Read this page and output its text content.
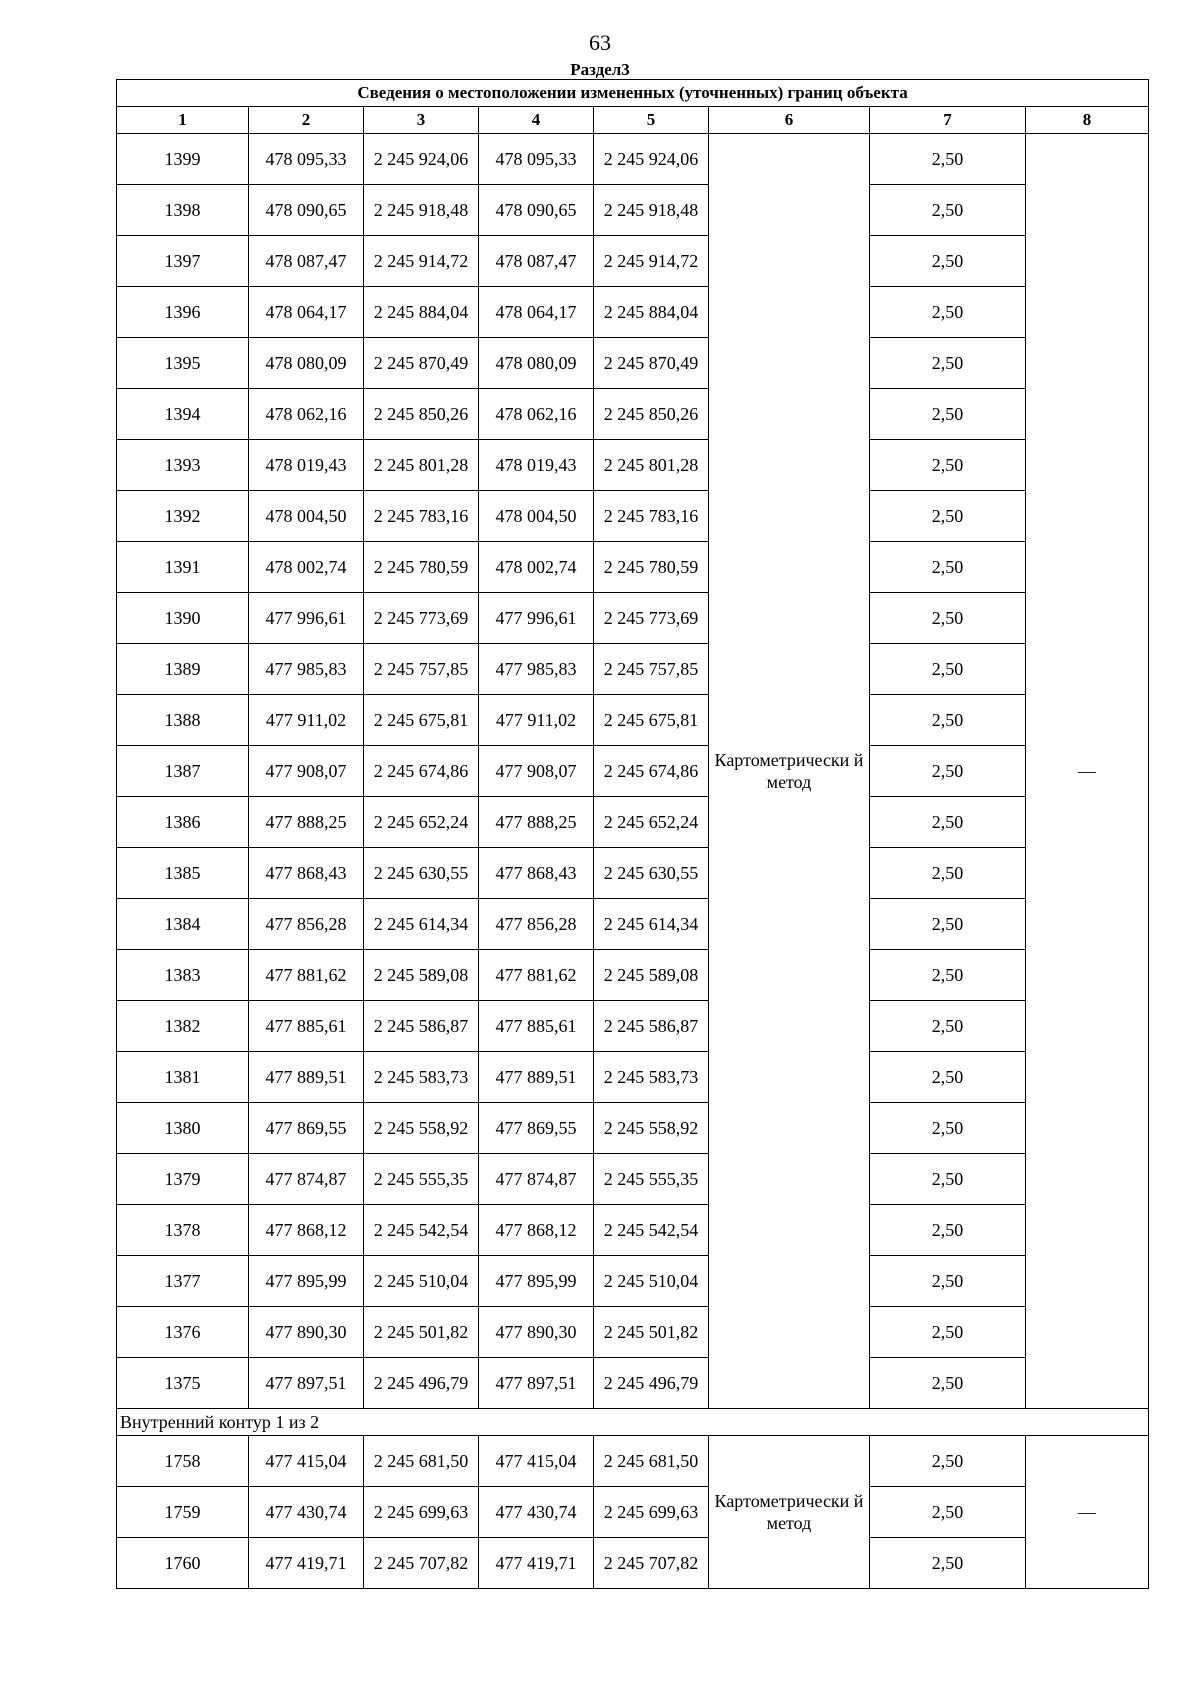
63
Раздел3
Сведения о местоположении измененных (уточненных) границ объекта							
1	2	3	4	5	6	7	8
1399	478 095,33	2 245 924,06	478 095,33	2 245 924,06	Картометрически й метод	2,50	—
1398	478 090,65	2 245 918,48	478 090,65	2 245 918,48		2,50	
1397	478 087,47	2 245 914,72	478 087,47	2 245 914,72		2,50	
1396	478 064,17	2 245 884,04	478 064,17	2 245 884,04		2,50	
1395	478 080,09	2 245 870,49	478 080,09	2 245 870,49		2,50	
1394	478 062,16	2 245 850,26	478 062,16	2 245 850,26		2,50	
1393	478 019,43	2 245 801,28	478 019,43	2 245 801,28		2,50	
1392	478 004,50	2 245 783,16	478 004,50	2 245 783,16		2,50	
1391	478 002,74	2 245 780,59	478 002,74	2 245 780,59		2,50	
1390	477 996,61	2 245 773,69	477 996,61	2 245 773,69		2,50	
1389	477 985,83	2 245 757,85	477 985,83	2 245 757,85		2,50	
1388	477 911,02	2 245 675,81	477 911,02	2 245 675,81		2,50	
1387	477 908,07	2 245 674,86	477 908,07	2 245 674,86		2,50	
1386	477 888,25	2 245 652,24	477 888,25	2 245 652,24		2,50	
1385	477 868,43	2 245 630,55	477 868,43	2 245 630,55		2,50	
1384	477 856,28	2 245 614,34	477 856,28	2 245 614,34		2,50	
1383	477 881,62	2 245 589,08	477 881,62	2 245 589,08		2,50	
1382	477 885,61	2 245 586,87	477 885,61	2 245 586,87		2,50	
1381	477 889,51	2 245 583,73	477 889,51	2 245 583,73		2,50	
1380	477 869,55	2 245 558,92	477 869,55	2 245 558,92		2,50	
1379	477 874,87	2 245 555,35	477 874,87	2 245 555,35		2,50	
1378	477 868,12	2 245 542,54	477 868,12	2 245 542,54		2,50	
1377	477 895,99	2 245 510,04	477 895,99	2 245 510,04		2,50	
1376	477 890,30	2 245 501,82	477 890,30	2 245 501,82		2,50	
1375	477 897,51	2 245 496,79	477 897,51	2 245 496,79		2,50	
Внутренний контур 1 из 2							
1758	477 415,04	2 245 681,50	477 415,04	2 245 681,50	Картометрически й метод	2,50	—
1759	477 430,74	2 245 699,63	477 430,74	2 245 699,63		2,50	
1760	477 419,71	2 245 707,82	477 419,71	2 245 707,82		2,50	
